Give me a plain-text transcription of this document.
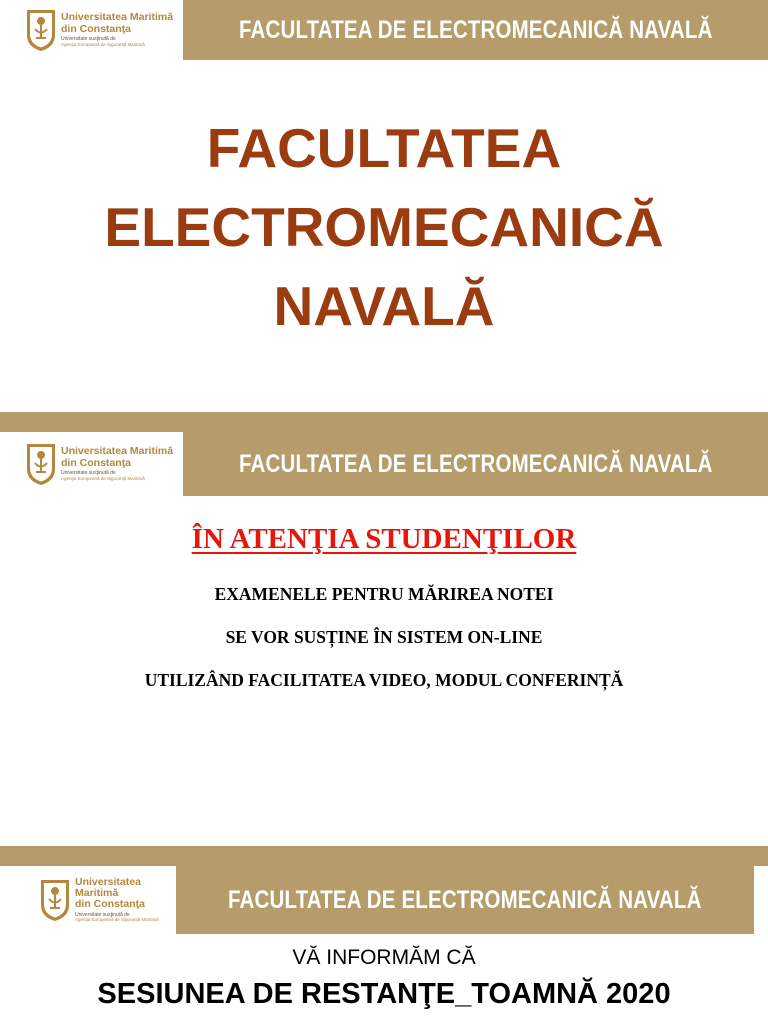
Universitatea Maritimă
din Constanţa
Universitate susţinută de
Agenţia Europeană de Siguranţă Maritimă
FACULTATEA DE ELECTROMECANICĂ NAVALĂ
FACULTATEA
ELECTROMECANICĂ
NAVALĂ
Universitatea Maritimă
din Constanţa
Universitate susţinută de
Agenţia Europeană de Siguranţă Maritimă
FACULTATEA DE ELECTROMECANICĂ NAVALĂ
ÎN ATENŢIA STUDENŢILOR
EXAMENELE PENTRU MĂRIREA NOTEI
SE VOR SUSȚINE ÎN SISTEM ON-LINE
UTILIZÂND FACILITATEA VIDEO, MODUL CONFERINȚĂ
Universitatea Maritimă
din Constanţa
Universitate susţinută de
Agenţia Europeană de Siguranţă Maritimă
FACULTATEA DE ELECTROMECANICĂ NAVALĂ
VĂ INFORMĂM CĂ
SESIUNEA DE RESTANŢE_TOAMNĂ 2020
